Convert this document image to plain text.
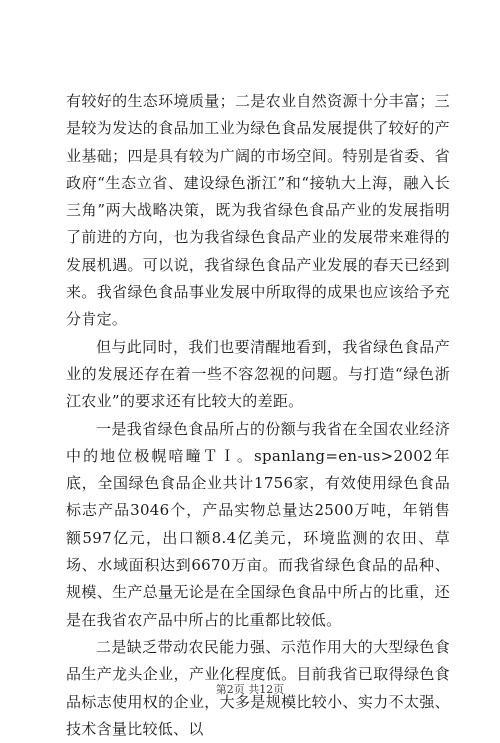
有较好的生态环境质量；二是农业自然资源十分丰富；三是较为发达的食品加工业为绿色食品发展提供了较好的产业基础；四是具有较为广阔的市场空间。特别是省委、省政府“生态立省、建设绿色浙江”和“接轨大上海，融入长三角”两大战略决策，既为我省绿色食品产业的发展指明了前进的方向，也为我省绿色食品产业的发展带来难得的发展机遇。可以说，我省绿色食品产业发展的春天已经到来。我省绿色食品事业发展中所取得的成果也应该给予充分肯定。

但与此同时，我们也要清醒地看到，我省绿色食品产业的发展还存在着一些不容忽视的问题。与打造“绿色浙江农业”的要求还有比较大的差距。

一是我省绿色食品所占的份额与我省在全国农业经济中的地位极幌喑疃ＴＩ。spanlang=en-us>2002年底，全国绿色食品企业共计1756家，有效使用绿色食品标志产品3046个，产品实物总量达2500万吨，年销售额597亿元，出口额8.4亿美元，环境监测的农田、草场、水域面积达到6670万亩。而我省绿色食品的品种、规模、生产总量无论是在全国绿色食品中所占的比重，还是在我省农产品中所占的比重都比较低。

二是缺乏带动农民能力强、示范作用大的大型绿色食品生产龙头企业，产业化程度低。目前我省已取得绿色食品标志使用权的企业，大多是规模比较小、实力不太强、技术含量比较低、以

第2页 共12页
